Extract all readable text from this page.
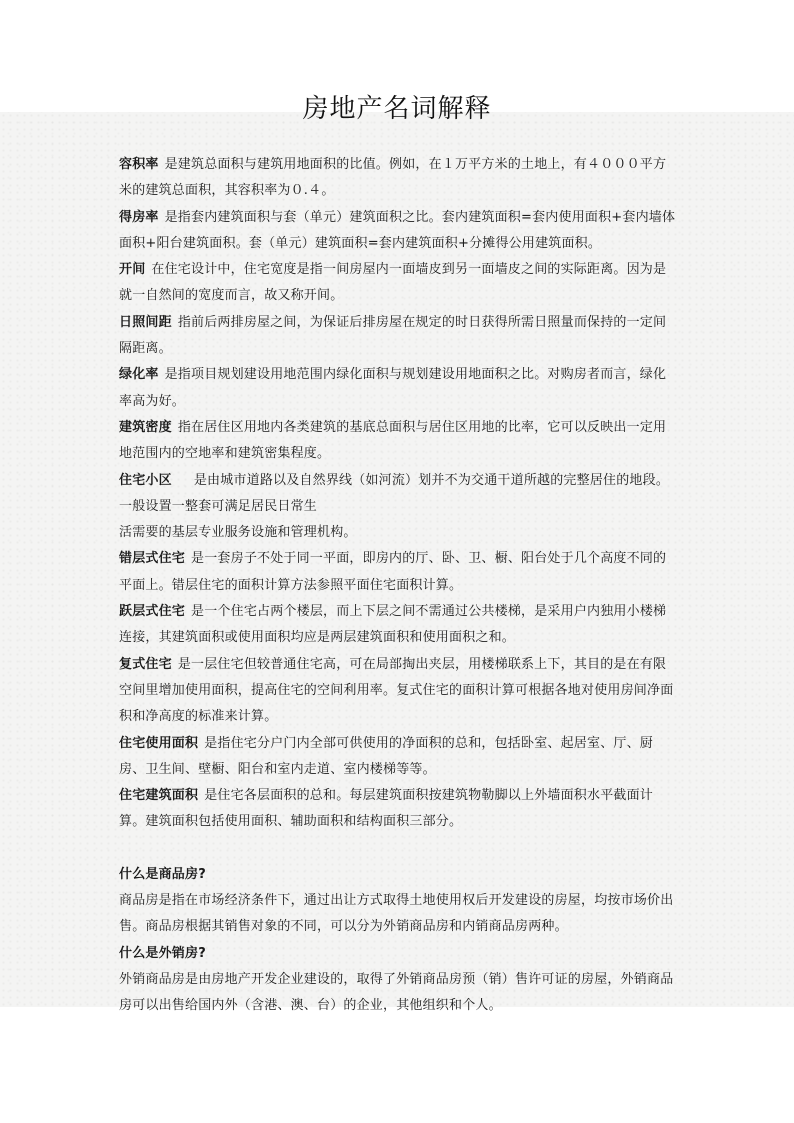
房地产名词解释

容积率 是建筑总面积与建筑用地面积的比值。例如，在１万平方米的土地上，有４０００平方米的建筑总面积，其容积率为０.４。

得房率 是指套内建筑面积与套（单元）建筑面积之比。套内建筑面积=套内使用面积+套内墙体面积+阳台建筑面积。套（单元）建筑面积=套内建筑面积+分摊得公用建筑面积。

开间 在住宅设计中，住宅宽度是指一间房屋内一面墙皮到另一面墙皮之间的实际距离。因为是就一自然间的宽度而言，故又称开间。

日照间距 指前后两排房屋之间，为保证后排房屋在规定的时日获得所需日照量而保持的一定间隔距离。

绿化率 是指项目规划建设用地范围内绿化面积与规划建设用地面积之比。对购房者而言，绿化率高为好。

建筑密度 指在居住区用地内各类建筑的基底总面积与居住区用地的比率，它可以反映出一定用地范围内的空地率和建筑密集程度。

住宅小区 是由城市道路以及自然界线（如河流）划并不为交通干道所越的完整居住的地段。一般设置一整套可满足居民日常生

活需要的基层专业服务设施和管理机构。

错层式住宅 是一套房子不处于同一平面，即房内的厅、卧、卫、橱、阳台处于几个高度不同的平面上。错层住宅的面积计算方法参照平面住宅面积计算。

跃层式住宅 是一个住宅占两个楼层，而上下层之间不需通过公共楼梯，是采用户内独用小楼梯连接，其建筑面积或使用面积均应是两层建筑面积和使用面积之和。

复式住宅 是一层住宅但较普通住宅高，可在局部掏出夹层，用楼梯联系上下，其目的是在有限空间里增加使用面积，提高住宅的空间利用率。复式住宅的面积计算可根据各地对使用房间净面积和净高度的标准来计算。

住宅使用面积 是指住宅分户门内全部可供使用的净面积的总和，包括卧室、起居室、厅、厨房、卫生间、壁橱、阳台和室内走道、室内楼梯等等。

住宅建筑面积 是住宅各层面积的总和。每层建筑面积按建筑物勒脚以上外墙面积水平截面计算。建筑面积包括使用面积、辅助面积和结构面积三部分。

什么是商品房?

商品房是指在市场经济条件下，通过出让方式取得土地使用权后开发建设的房屋，均按市场价出售。商品房根据其销售对象的不同，可以分为外销商品房和内销商品房两种。

什么是外销房?

外销商品房是由房地产开发企业建设的，取得了外销商品房预（销）售许可证的房屋，外销商品房可以出售给国内外（含港、澳、台）的企业，其他组织和个人。
